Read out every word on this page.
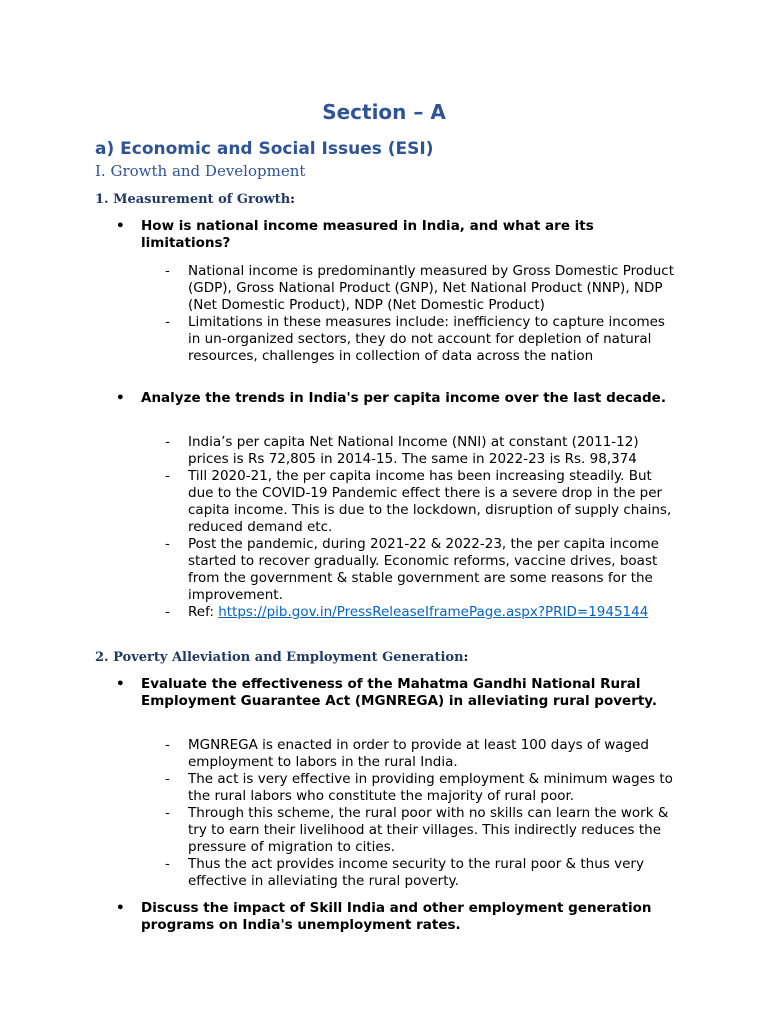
Section – A
a) Economic and Social Issues (ESI)
I. Growth and Development
1. Measurement of Growth:
• How is national income measured in India, and what are its limitations?
- National income is predominantly measured by Gross Domestic Product (GDP), Gross National Product (GNP), Net National Product (NNP), NDP (Net Domestic Product), NDP (Net Domestic Product)
- Limitations in these measures include: inefficiency to capture incomes in un-organized sectors, they do not account for depletion of natural resources, challenges in collection of data across the nation
• Analyze the trends in India's per capita income over the last decade.
- India’s per capita Net National Income (NNI) at constant (2011-12) prices is Rs 72,805 in 2014-15. The same in 2022-23 is Rs. 98,374
- Till 2020-21, the per capita income has been increasing steadily. But due to the COVID-19 Pandemic effect there is a severe drop in the per capita income. This is due to the lockdown, disruption of supply chains, reduced demand etc.
- Post the pandemic, during 2021-22 & 2022-23, the per capita income started to recover gradually. Economic reforms, vaccine drives, boast from the government & stable government are some reasons for the improvement.
- Ref: https://pib.gov.in/PressReleaseIframePage.aspx?PRID=1945144
2. Poverty Alleviation and Employment Generation:
• Evaluate the effectiveness of the Mahatma Gandhi National Rural Employment Guarantee Act (MGNREGA) in alleviating rural poverty.
- MGNREGA is enacted in order to provide at least 100 days of waged employment to labors in the rural India.
- The act is very effective in providing employment & minimum wages to the rural labors who constitute the majority of rural poor.
- Through this scheme, the rural poor with no skills can learn the work & try to earn their livelihood at their villages. This indirectly reduces the pressure of migration to cities.
- Thus the act provides income security to the rural poor & thus very effective in alleviating the rural poverty.
• Discuss the impact of Skill India and other employment generation programs on India's unemployment rates.
